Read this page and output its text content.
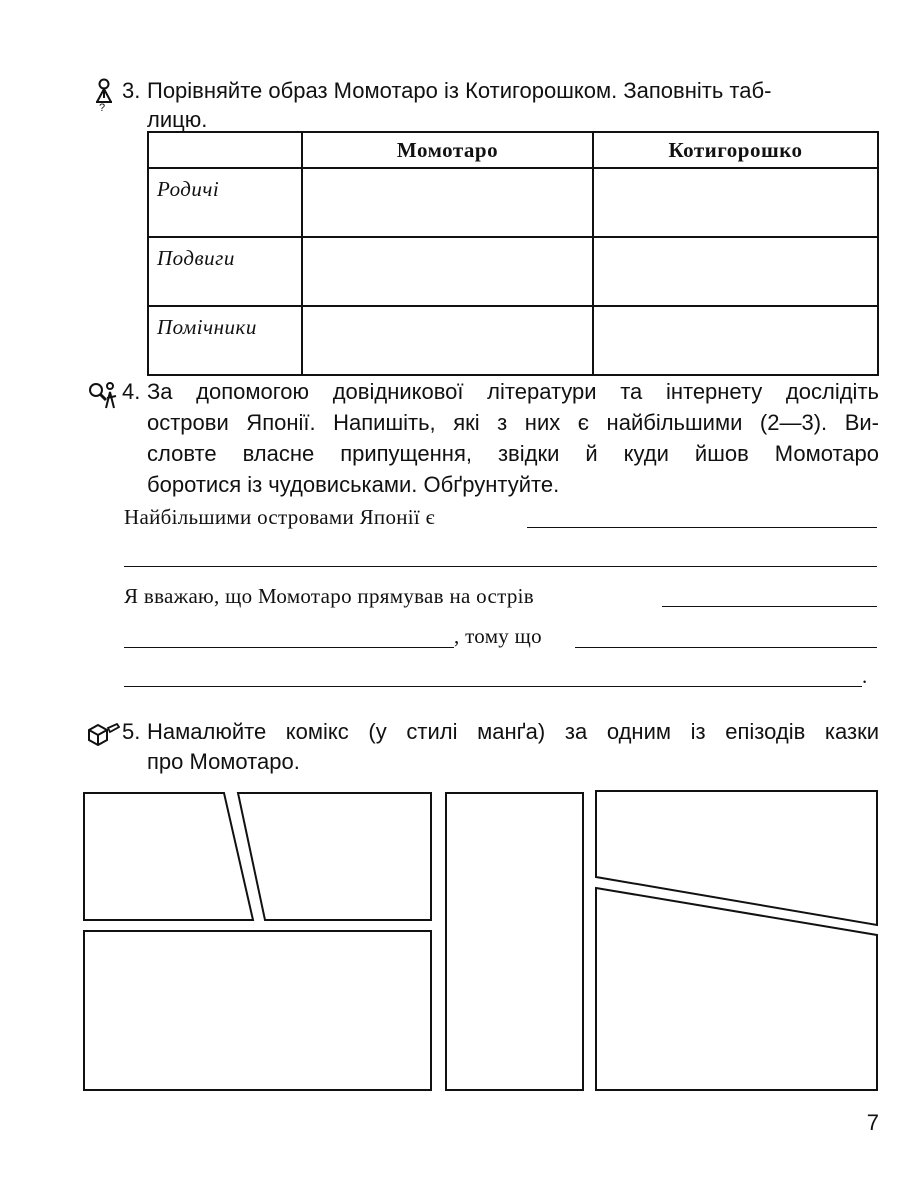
?
3. Порівняйте образ Момотаро із Котигорошком. Заповніть таб-
лицю.
	Момотаро	Котигорошко
Родичі		
Подвиги		
Помічники		
4. За допомогою довідникової літератури та інтернету дослідіть
острови Японії. Напишіть, які з них є найбільшими (2—3). Ви-
словте власне припущення, звідки й куди йшов Момотаро
боротися із чудовиськами. Обґрунтуйте.
Найбільшими островами Японії є
Я вважаю, що Момотаро прямував на острів
, тому що
.
5. Намалюйте комікс (у стилі манґа) за одним із епізодів казки
про Момотаро.
7
